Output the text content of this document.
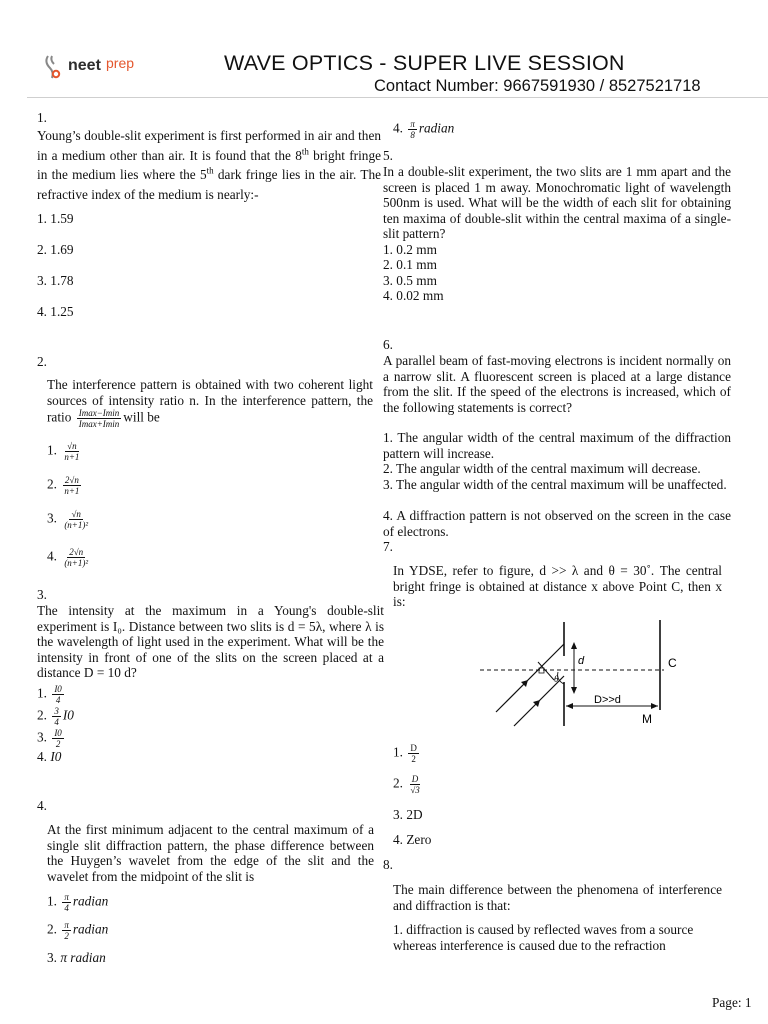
neet prep	WAVE OPTICS - SUPER LIVE SESSION
Contact Number: 9667591930 / 8527521718
1.
Young’s double-slit experiment is first performed in air and then in a medium other than air. It is found that the 8th bright fringe in the medium lies where the 5th dark fringe lies in the air. The refractive index of the medium is nearly:-
1. 1.59
2. 1.69
3. 1.78
4. 1.25
2.
The interference pattern is obtained with two coherent light sources of intensity ratio n. In the interference pattern, the ratio $\frac{Imax-Imin}{Imax+Imin}$ will be
1. $\frac{√n}{n+1}$
2. $\frac{2√n}{n+1}$
3. $\frac{√n}{\text{(n+1)²}}$
4. $\frac{2√n}{\text{(n+1)²}}$
3.
The intensity at the maximum in a Young's double-slit experiment is I₀. Distance between two slits is d = 5λ, where λ is the wavelength of light used in the experiment. What will be the intensity in front of one of the slits on the screen placed at a distance D = 10 d?
1. $\frac{I0}{4}$
2. $\frac{3}{4} I0$
3. $\frac{I0}{2}$
4. I0
4.
At the first minimum adjacent to the central maximum of a single slit diffraction pattern, the phase difference between the Huygen’s wavelet from the edge of the slit and the wavelet from the midpoint of the slit is
1. $\frac{\pi}{4}$ radian
2. $\frac{\pi}{2}$ radian
3. π radian
4. $\frac{\pi}{8}$ radian
5.
In a double-slit experiment, the two slits are 1 mm apart and the screen is placed 1 m away. Monochromatic light of wavelength 500nm is used. What will be the width of each slit for obtaining ten maxima of double-slit within the central maxima of a single-slit pattern?
1. 0.2 mm
2. 0.1 mm
3. 0.5 mm
4. 0.02 mm
6.
A parallel beam of fast-moving electrons is incident normally on a narrow slit. A fluorescent screen is placed at a large distance from the slit. If the speed of the electrons is increased, which of the following statements is correct?
1. The angular width of the central maximum of the diffraction pattern will increase.
2. The angular width of the central maximum will decrease.
3. The angular width of the central maximum will be unaffected.
4. A diffraction pattern is not observed on the screen in the case of electrons.
7.
In YDSE, refer to figure, d >> λ and θ = 30˚. The central bright fringe is obtained at distance x above Point C, then x is:
d
θ
C
D>>d
M
1. $\frac{D}{2}$
2. $\frac{D}{√3}$
3. 2D
4. Zero
8.
The main difference between the phenomena of interference and diffraction is that:
1. diffraction is caused by reflected waves from a source whereas interference is caused due to the refraction
Page: 1
